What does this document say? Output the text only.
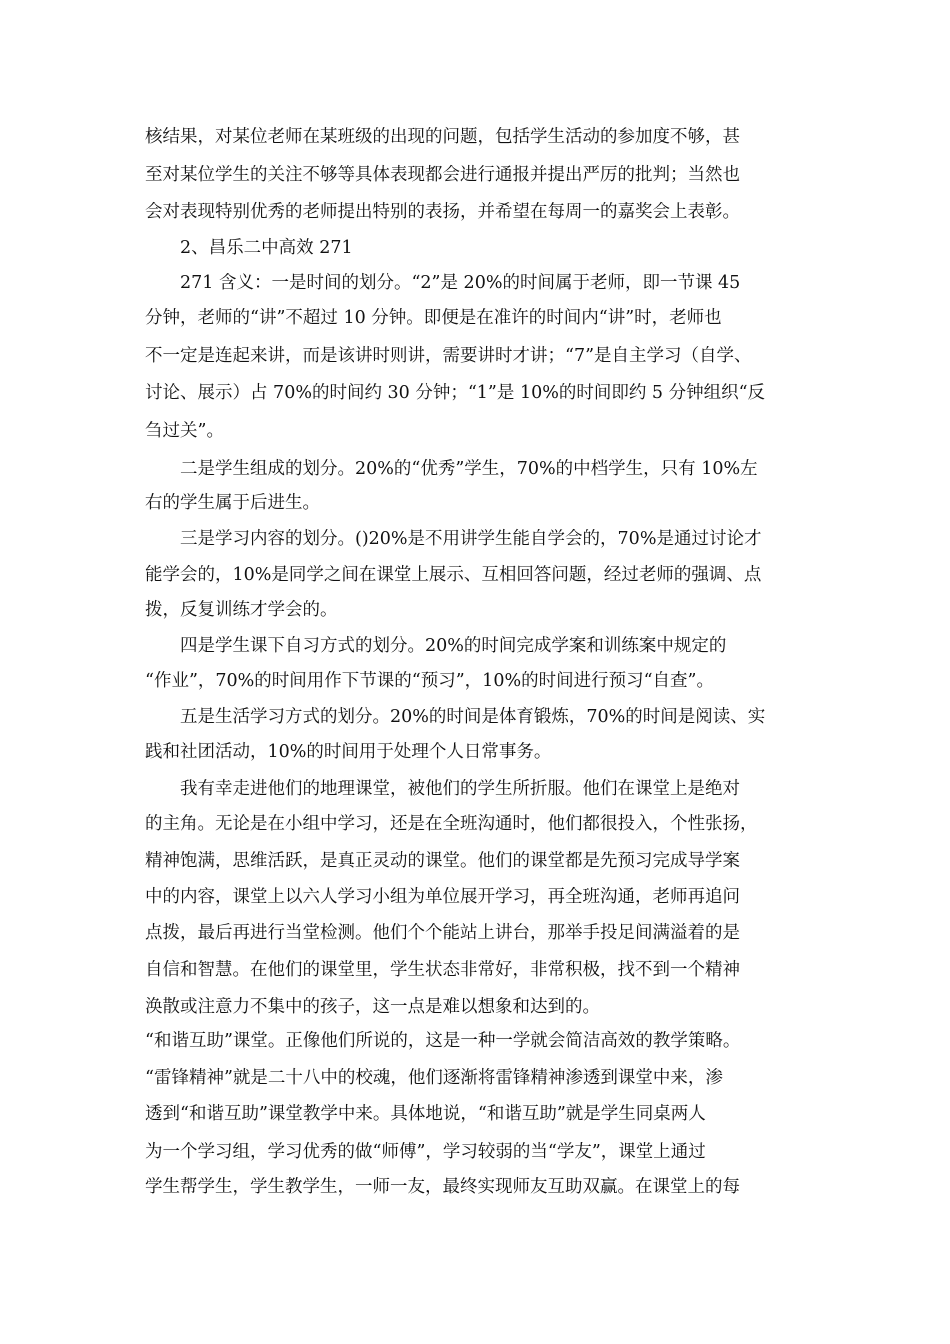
核结果，对某位老师在某班级的出现的问题，包括学生活动的参加度不够，甚
至对某位学生的关注不够等具体表现都会进行通报并提出严厉的批判；当然也
会对表现特别优秀的老师提出特别的表扬，并希望在每周一的嘉奖会上表彰。
2、昌乐二中高效 271
271 含义：一是时间的划分。“2”是 20%的时间属于老师，即一节课 45
分钟，老师的“讲”不超过 10 分钟。即便是在准许的时间内“讲”时，老师也
不一定是连起来讲，而是该讲时则讲，需要讲时才讲；“7”是自主学习（自学、
讨论、展示）占 70%的时间约 30 分钟；“1”是 10%的时间即约 5 分钟组织“反
刍过关”。
二是学生组成的划分。20%的“优秀”学生，70%的中档学生，只有 10%左
右的学生属于后进生。
三是学习内容的划分。()20%是不用讲学生能自学会的，70%是通过讨论才
能学会的，10%是同学之间在课堂上展示、互相回答问题，经过老师的强调、点
拨，反复训练才学会的。
四是学生课下自习方式的划分。20%的时间完成学案和训练案中规定的
“作业”，70%的时间用作下节课的“预习”，10%的时间进行预习“自查”。
五是生活学习方式的划分。20%的时间是体育锻炼，70%的时间是阅读、实
践和社团活动，10%的时间用于处理个人日常事务。
我有幸走进他们的地理课堂，被他们的学生所折服。他们在课堂上是绝对
的主角。无论是在小组中学习，还是在全班沟通时，他们都很投入，个性张扬，
精神饱满，思维活跃，是真正灵动的课堂。他们的课堂都是先预习完成导学案
中的内容，课堂上以六人学习小组为单位展开学习，再全班沟通，老师再追问
点拨，最后再进行当堂检测。他们个个能站上讲台，那举手投足间满溢着的是
自信和智慧。在他们的课堂里，学生状态非常好，非常积极，找不到一个精神
涣散或注意力不集中的孩子，这一点是难以想象和达到的。
“和谐互助”课堂。正像他们所说的，这是一种一学就会简洁高效的教学策略。
“雷锋精神”就是二十八中的校魂，他们逐渐将雷锋精神渗透到课堂中来，渗
透到“和谐互助”课堂教学中来。具体地说，“和谐互助”就是学生同桌两人
为一个学习组，学习优秀的做“师傅”，学习较弱的当“学友”，课堂上通过
学生帮学生，学生教学生，一师一友，最终实现师友互助双赢。在课堂上的每
